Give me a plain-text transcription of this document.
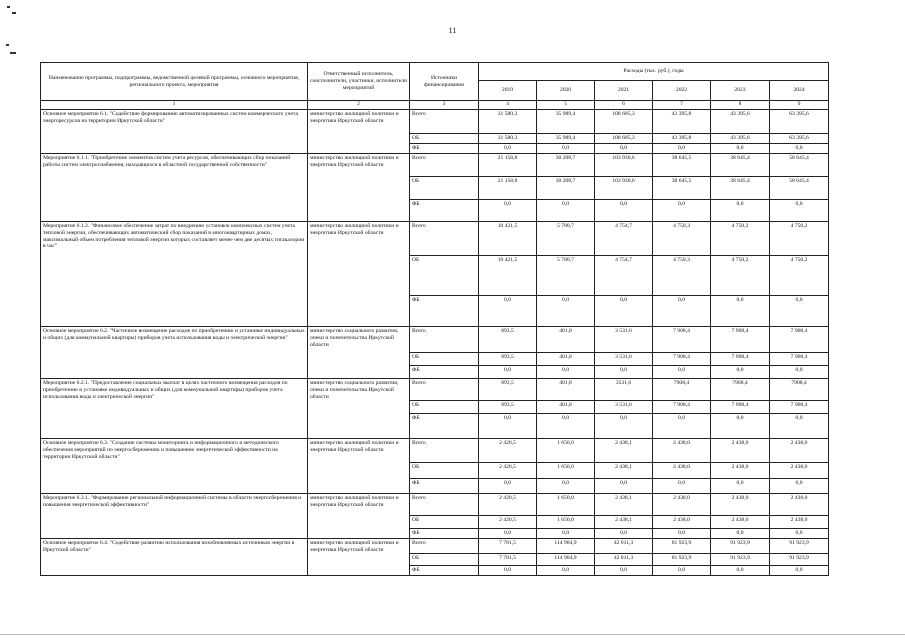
11
Наименование программы, подпрограммы, ведомственной целевой программы, основного мероприятия, регионального проекта, мероприятия	Ответственный исполнитель, соисполнители, участники, исполнители мероприятий	Источники финансирования	Расходы (тыс. руб.), годы					
			2019	2020	2021	2022	2023	2024
1	2	3	4	5	6	7	8	9
Основное мероприятие 6.1. "Содействие формированию автоматизированных систем коммерческого учета энергоресурсов на территории Иркутской области"	министерство жилищной политики и энергетики Иркутской области	Всего	31 580,3	35 989,4	108 685,3	43 395,8	43 395,6	63 395,6
		ОБ	31 580,3	35 989,4	108 685,3	43 395,8	43 395,6	63 395,6
		ФБ	0,0	0,0	0,0	0,0	0,0	0,0
Мероприятие 6.1.1. "Приобретение элементов систем учета ресурсов, обеспечивающих сбор показаний работы систем электроснабжения, находящихся в областной государственной собственности"	министерство жилищной политики и энергетики Иркутской области	Всего	21 158,8	30 208,7	103 930,6	38 645,5	38 645,4	58 645,4
		ОБ	21 158,8	30 208,7	103 930,6	38 645,5	38 645,4	58 645,4
		ФБ	0,0	0,0	0,0	0,0	0,0	0,0
Мероприятие 6.1.2. "Финансовое обеспечение затрат по внедрению установок комплексных систем учета тепловой энергии, обеспечивающих автоматический сбор показаний в многоквартирных домах, максимальный объем потребления тепловой энергии которых составляет менее чем две десятых гигакалории в час"	министерство жилищной политики и энергетики Иркутской области	Всего	10 421,5	5 780,7	4 754,7	4 750,3	4 750,2	4 750,2
		ОБ	10 421,5	5 780,7	4 754,7	4 750,3	4 750,2	4 750,2
		ФБ	0,0	0,0	0,0	0,0	0,0	0,0
Основное мероприятие 6.2. "Частичное возмещение расходов по приобретению и установке индивидуальных и общих (для коммунальной квартиры) приборов учета использования воды и электрической энергии"	министерство социального развития, опеки и попечительства Иркутской области	Всего	893,5	401,8	3 531,6	7 908,4	7 908,4	7 908,4
		ОБ	893,5	401,8	3 531,6	7 908,4	7 908,4	7 908,4
		ФБ	0,0	0,0	0,0	0,0	0,0	0,0
Мероприятие 6.2.1. "Предоставление социальных выплат в целях частичного возмещения расходов по приобретению и установке индивидуальных и общих (для коммунальной квартиры) приборов учета использования воды и электрической энергии"	министерство социального развития, опеки и попечительства Иркутской области	Всего	893,5	401,8	3531,6	7908,4	7908,4	7908,4
		ОБ	893,5	401,8	3 531,6	7 908,4	7 908,4	7 908,4
		ФБ	0,0	0,0	0,0	0,0	0,0	0,0
Основное мероприятие 6.3. "Создание системы мониторинга и информационного и методического обеспечения мероприятий по энергосбережению и повышению энергетической эффективности на территории Иркутской области"	министерство жилищной политики и энергетики Иркутской области	Всего	2 420,5	1 650,0	2 438,1	2 438,0	2 438,0	2 438,0
		ОБ	2 420,5	1 650,0	2 438,1	2 438,0	2 438,0	2 438,0
		ФБ	0,0	0,0	0,0	0,0	0,0	0,0
Мероприятие 6.3.1. "Формирование региональной информационной системы в области энергосбережения и повышения энергетической эффективности"	министерство жилищной политики и энергетики Иркутской области	Всего	2 420,5	1 650,0	2 438,1	2 438,0	2 438,0	2 438,0
		ОБ	2 420,5	1 650,0	2 438,1	2 438,0	2 438,0	2 438,0
		ФБ	0,0	0,0	0,0	0,0	0,0	0,0
Основное мероприятие 6.4. "Содействие развитию использования возобновляемых источников энергии в Иркутской области"	министерство жилищной политики и энергетики Иркутской области	Всего	7 781,5	114 904,9	42 011,3	81 923,9	91 923,9	91 923,9
		ОБ	7 781,5	114 904,9	42 011,3	81 923,9	91 923,9	91 923,9
		ФБ	0,0	0,0	0,0	0,0	0,0	0,0
